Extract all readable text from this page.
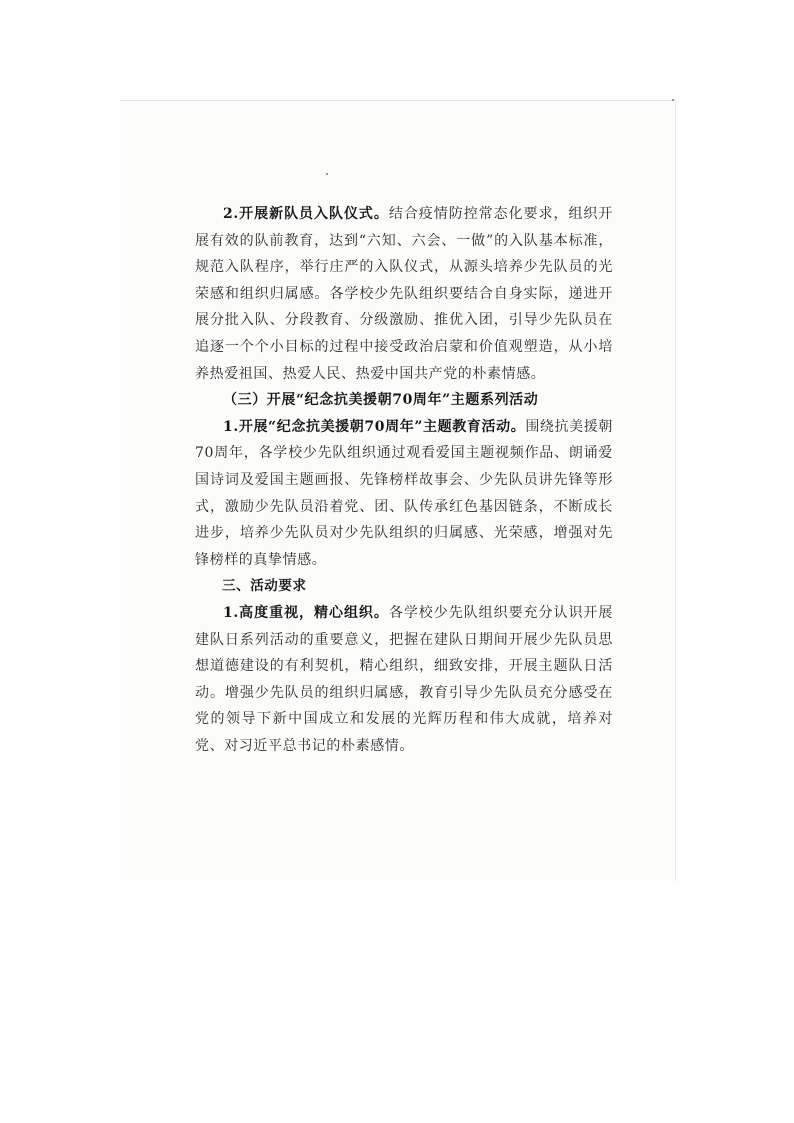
2.开展新队员入队仪式。结合疫情防控常态化要求，组织开展有效的队前教育，达到“六知、六会、一做”的入队基本标准，规范入队程序，举行庄严的入队仪式，从源头培养少先队员的光荣感和组织归属感。各学校少先队组织要结合自身实际，递进开展分批入队、分段教育、分级激励、推优入团，引导少先队员在追逐一个个小目标的过程中接受政治启蒙和价值观塑造，从小培养热爱祖国、热爱人民、热爱中国共产党的朴素情感。

（三）开展“纪念抗美援朝70周年”主题系列活动

1.开展“纪念抗美援朝70周年”主题教育活动。围绕抗美援朝70周年，各学校少先队组织通过观看爱国主题视频作品、朗诵爱国诗词及爱国主题画报、先锋榜样故事会、少先队员讲先锋等形式，激励少先队员沿着党、团、队传承红色基因链条，不断成长进步，培养少先队员对少先队组织的归属感、光荣感，增强对先锋榜样的真挚情感。

三、活动要求

1.高度重视，精心组织。各学校少先队组织要充分认识开展建队日系列活动的重要意义，把握在建队日期间开展少先队员思想道德建设的有利契机，精心组织，细致安排，开展主题队日活动。增强少先队员的组织归属感，教育引导少先队员充分感受在党的领导下新中国成立和发展的光辉历程和伟大成就，培养对党、对习近平总书记的朴素感情。
